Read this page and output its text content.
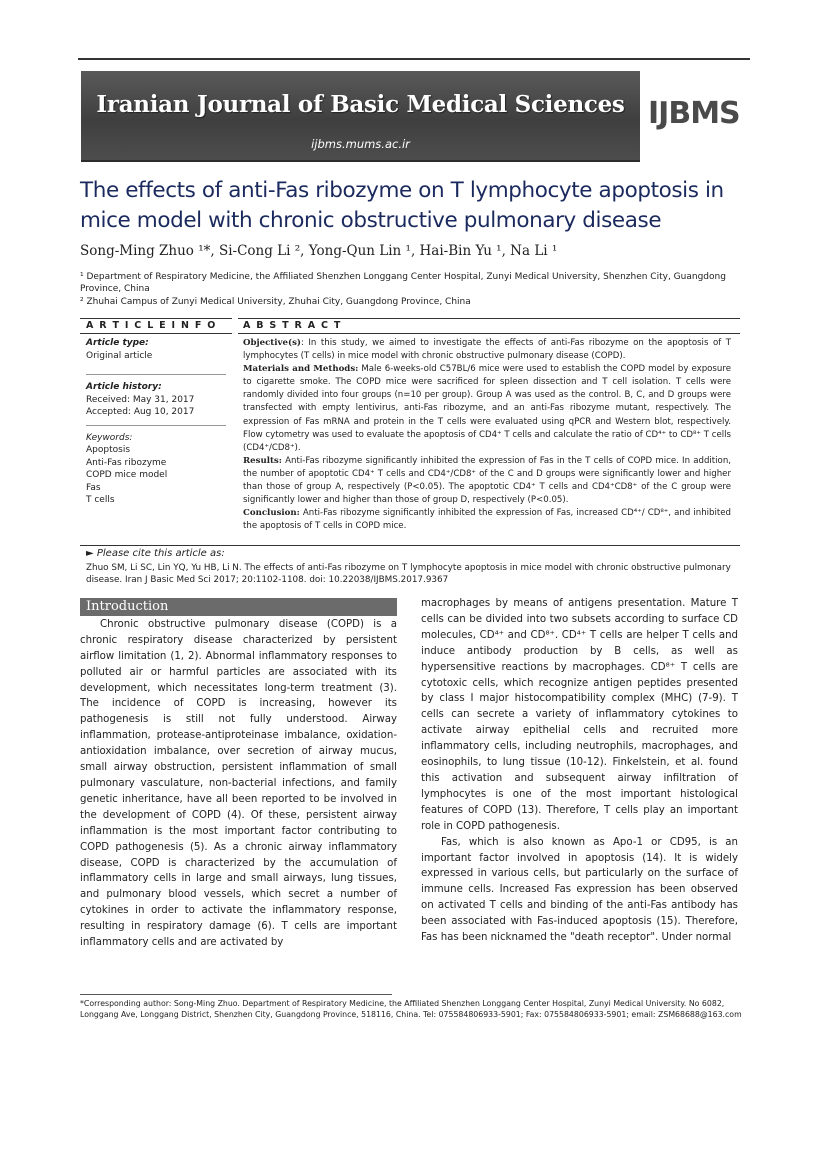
Iranian Journal of Basic Medical Sciences
ijbms.mums.ac.ir
IJBMS
The effects of anti-Fas ribozyme on T lymphocyte apoptosis in mice model with chronic obstructive pulmonary disease
Song-Ming Zhuo ¹*, Si-Cong Li ², Yong-Qun Lin ¹, Hai-Bin Yu ¹, Na Li ¹
¹ Department of Respiratory Medicine, the Affiliated Shenzhen Longgang Center Hospital, Zunyi Medical University, Shenzhen City, Guangdong Province, China
² Zhuhai Campus of Zunyi Medical University, Zhuhai City, Guangdong Province, China
A R T I C L E I N F O	A B S T R A C T
Article type:
Original article
Article history:
Received: May 31, 2017
Accepted: Aug 10, 2017
Keywords:
Apoptosis
Anti-Fas ribozyme
COPD mice model
Fas
T cells

Objective(s): In this study, we aimed to investigate the effects of anti-Fas ribozyme on the apoptosis of T lymphocytes (T cells) in mice model with chronic obstructive pulmonary disease (COPD).

Materials and Methods: Male 6-weeks-old C57BL/6 mice were used to establish the COPD model by exposure to cigarette smoke. The COPD mice were sacrificed for spleen dissection and T cell isolation. T cells were randomly divided into four groups (n=10 per group). Group A was used as the control. B, C, and D groups were transfected with empty lentivirus, anti-Fas ribozyme, and an anti-Fas ribozyme mutant, respectively. The expression of Fas mRNA and protein in the T cells were evaluated using qPCR and Western blot, respectively. Flow cytometry was used to evaluate the apoptosis of CD4⁺ T cells and calculate the ratio of CD⁴⁺ to CD⁸⁺ T cells (CD4⁺/CD8⁺).

Results: Anti-Fas ribozyme significantly inhibited the expression of Fas in the T cells of COPD mice. In addition, the number of apoptotic CD4⁺ T cells and CD4⁺/CD8⁺ of the C and D groups were significantly lower and higher than those of group A, respectively (P<0.05). The apoptotic CD4⁺ T cells and CD4⁺CD8⁺ of the C group were significantly lower and higher than those of group D, respectively (P<0.05).

Conclusion: Anti-Fas ribozyme significantly inhibited the expression of Fas, increased CD⁴⁺/ CD⁸⁺, and inhibited the apoptosis of T cells in COPD mice.

► Please cite this article as:
Zhuo SM, Li SC, Lin YQ, Yu HB, Li N. The effects of anti-Fas ribozyme on T lymphocyte apoptosis in mice model with chronic obstructive pulmonary disease. Iran J Basic Med Sci 2017; 20:1102-1108. doi: 10.22038/IJBMS.2017.9367
Introduction

Chronic obstructive pulmonary disease (COPD) is a chronic respiratory disease characterized by persistent airflow limitation (1, 2). Abnormal inflammatory responses to polluted air or harmful particles are associated with its development, which necessitates long-term treatment (3). The incidence of COPD is increasing, however its pathogenesis is still not fully understood. Airway inflammation, protease-antiproteinase imbalance, oxidation-antioxidation imbalance, over secretion of airway mucus, small airway obstruction, persistent inflammation of small pulmonary vasculature, non-bacterial infections, and family genetic inheritance, have all been reported to be involved in the development of COPD (4). Of these, persistent airway inflammation is the most important factor contributing to COPD pathogenesis (5). As a chronic airway inflammatory disease, COPD is characterized by the accumulation of inflammatory cells in large and small airways, lung tissues, and pulmonary blood vessels, which secret a number of cytokines in order to activate the inflammatory response, resulting in respiratory damage (6). T cells are important inflammatory cells and are activated by

macrophages by means of antigens presentation. Mature T cells can be divided into two subsets according to surface CD molecules, CD⁴⁺ and CD⁸⁺. CD⁴⁺ T cells are helper T cells and induce antibody production by B cells, as well as hypersensitive reactions by macrophages. CD⁸⁺ T cells are cytotoxic cells, which recognize antigen peptides presented by class I major histocompatibility complex (MHC) (7-9). T cells can secrete a variety of inflammatory cytokines to activate airway epithelial cells and recruited more inflammatory cells, including neutrophils, macrophages, and eosinophils, to lung tissue (10-12). Finkelstein, et al. found this activation and subsequent airway infiltration of lymphocytes is one of the most important histological features of COPD (13). Therefore, T cells play an important role in COPD pathogenesis.

Fas, which is also known as Apo-1 or CD95, is an important factor involved in apoptosis (14). It is widely expressed in various cells, but particularly on the surface of immune cells. Increased Fas expression has been observed on activated T cells and binding of the anti-Fas antibody has been associated with Fas-induced apoptosis (15). Therefore, Fas has been nicknamed the "death receptor". Under normal

*Corresponding author: Song-Ming Zhuo. Department of Respiratory Medicine, the Affiliated Shenzhen Longgang Center Hospital, Zunyi Medical University. No 6082, Longgang Ave, Longgang District, Shenzhen City, Guangdong Province, 518116, China. Tel: 075584806933-5901; Fax: 075584806933-5901; email: ZSM68688@163.com
